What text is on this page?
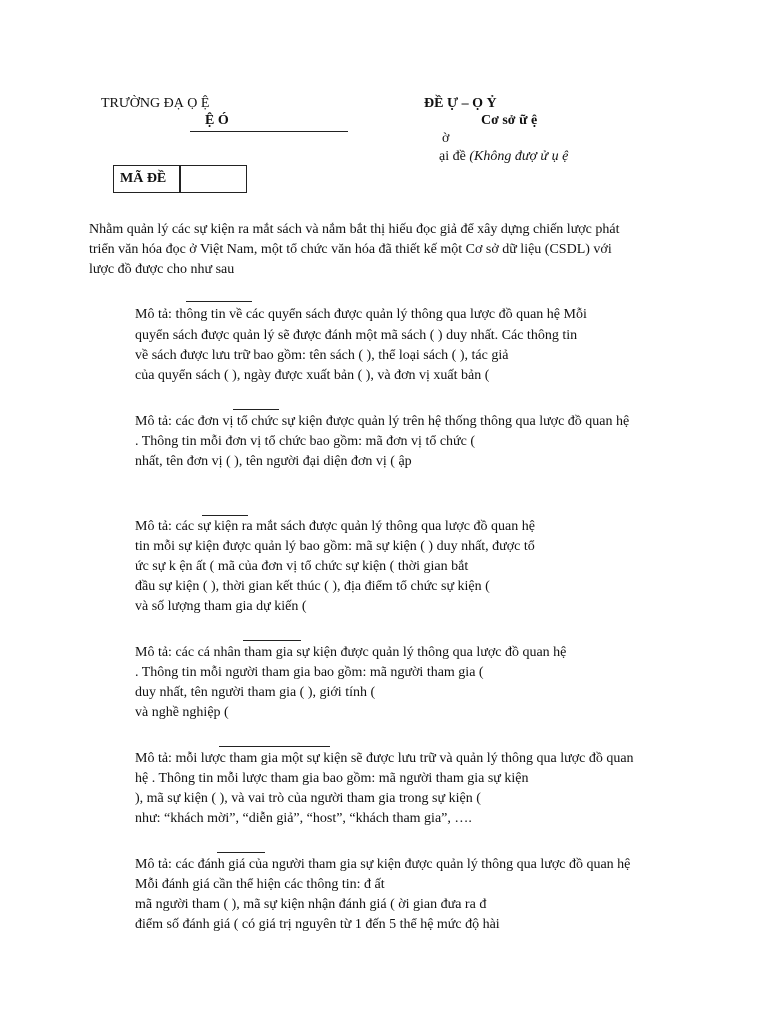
TRƯỜNG ĐẠ Ọ Ệ
Ệ Ó
ĐỀ Ự – Ọ Ỷ
Cơ sở ữ ệ
ờ
ại đề (Không đượ ử ụ ệ
MÃ ĐỀ
Nhằm quản lý các sự kiện ra mắt sách và nắm bắt thị hiếu đọc giả để xây dựng chiến lược phát
triển văn hóa đọc ở Việt Nam, một tổ chức văn hóa đã thiết kế một Cơ sở dữ liệu (CSDL) với
lược đồ được cho như sau
Mô tả: thông tin về các quyển sách được quản lý thông qua lược đồ quan hệ Mỗi
quyển sách được quản lý sẽ được đánh một mã sách ( ) duy nhất. Các thông tin
về sách được lưu trữ bao gồm: tên sách ( ), thể loại sách ( ), tác giả
của quyển sách ( ), ngày được xuất bản ( ), và đơn vị xuất bản (
Mô tả: các đơn vị tổ chức sự kiện được quản lý trên hệ thống thông qua lược đồ quan hệ
. Thông tin mỗi đơn vị tổ chức bao gồm: mã đơn vị tổ chức (
nhất, tên đơn vị ( ), tên người đại diện đơn vị ( ập
Mô tả: các sự kiện ra mắt sách được quản lý thông qua lược đồ quan hệ
tin mỗi sự kiện được quản lý bao gồm: mã sự kiện ( ) duy nhất, được tổ
ức sự k ện ất ( mã của đơn vị tổ chức sự kiện ( thời gian bắt
đầu sự kiện ( ), thời gian kết thúc ( ), địa điểm tổ chức sự kiện (
và số lượng tham gia dự kiến (
Mô tả: các cá nhân tham gia sự kiện được quản lý thông qua lược đồ quan hệ
. Thông tin mỗi người tham gia bao gồm: mã người tham gia (
duy nhất, tên người tham gia ( ), giới tính (
và nghề nghiệp (
Mô tả: mỗi lược tham gia một sự kiện sẽ được lưu trữ và quản lý thông qua lược đồ quan
hệ . Thông tin mỗi lược tham gia bao gồm: mã người tham gia sự kiện
), mã sự kiện ( ), và vai trò của người tham gia trong sự kiện (
như: “khách mời”, “diễn giả”, “host”, “khách tham gia”, ….
Mô tả: các đánh giá của người tham gia sự kiện được quản lý thông qua lược đồ quan hệ
Mỗi đánh giá cần thể hiện các thông tin: đ ất
mã người tham ( ), mã sự kiện nhận đánh giá ( ời gian đưa ra đ
điểm số đánh giá ( có giá trị nguyên từ 1 đến 5 thể hệ mức độ hài
